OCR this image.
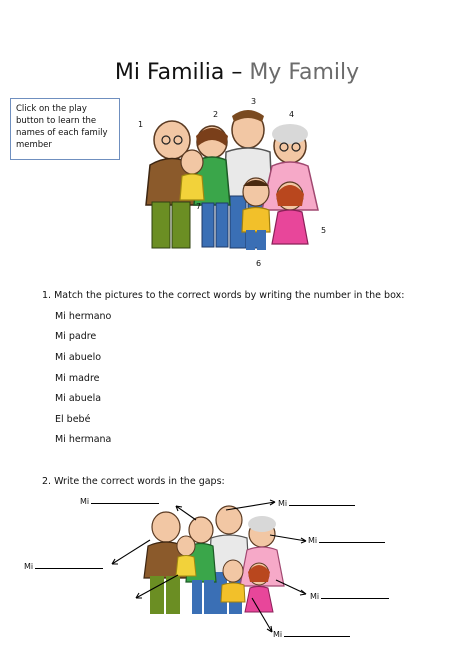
Mi Familia – My Family
Click on the play button to learn the names of each family member
1
2
3
4
5
6
7
1. Match the pictures to the correct words by writing the number in the box:
Mi hermano
Mi padre
Mi abuelo
Mi madre
Mi abuela
El bebé
Mi hermana
2. Write the correct words in the gaps:
Mi	Mi
Mi
Mi
Mi
Mi
